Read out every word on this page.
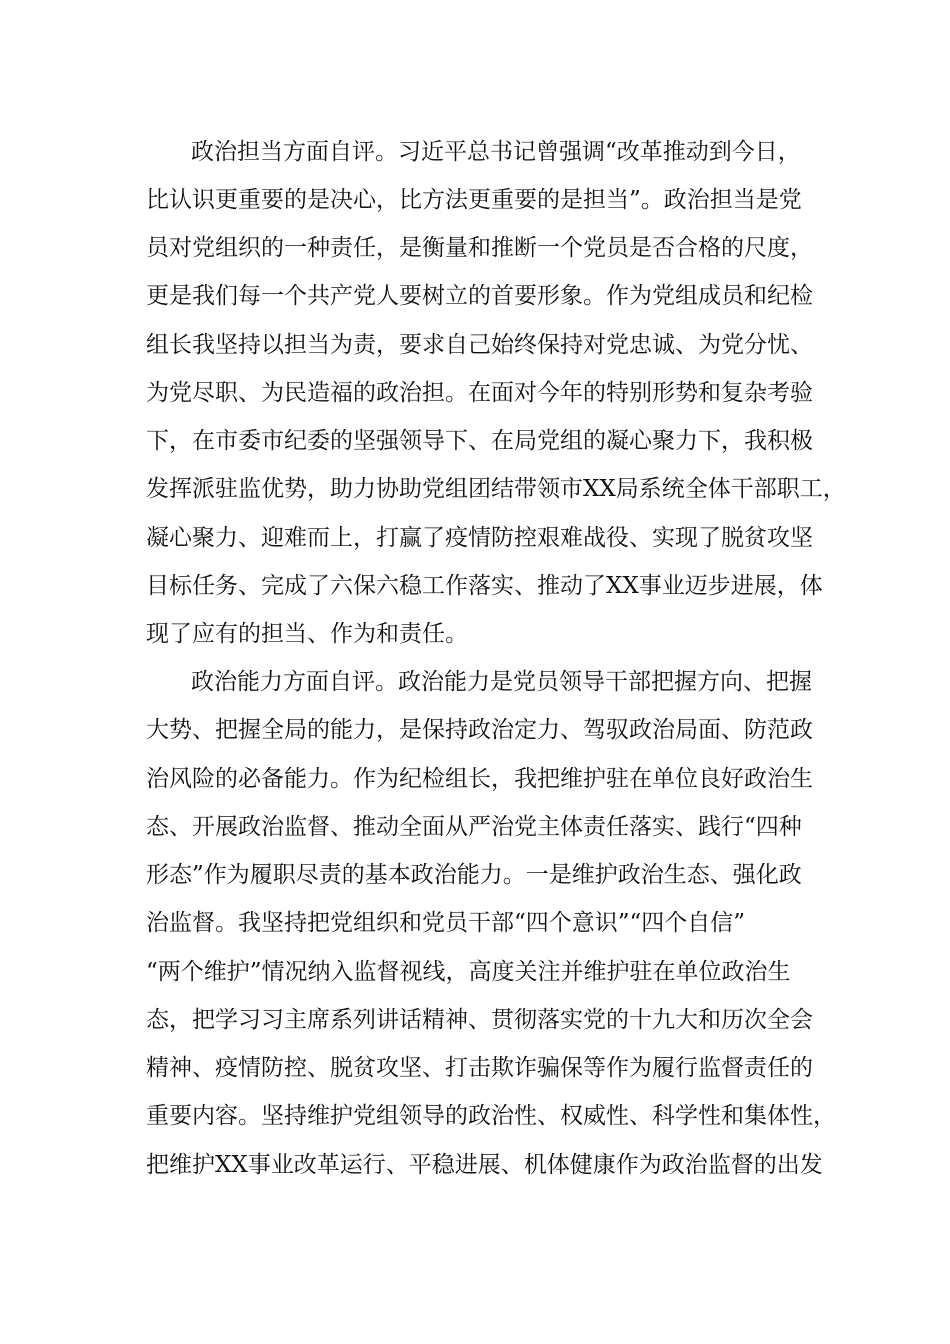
政治担当方面自评。习近平总书记曾强调“改革推动到今日，
比认识更重要的是决心，比方法更重要的是担当”。政治担当是党
员对党组织的一种责任，是衡量和推断一个党员是否合格的尺度，
更是我们每一个共产党人要树立的首要形象。作为党组成员和纪检
组长我坚持以担当为责，要求自己始终保持对党忠诚、为党分忧、
为党尽职、为民造福的政治担。在面对今年的特别形势和复杂考验
下，在市委市纪委的坚强领导下、在局党组的凝心聚力下，我积极
发挥派驻监优势，助力协助党组团结带领市XX局系统全体干部职工，
凝心聚力、迎难而上，打赢了疫情防控艰难战役、实现了脱贫攻坚
目标任务、完成了六保六稳工作落实、推动了XX事业迈步进展，体
现了应有的担当、作为和责任。
政治能力方面自评。政治能力是党员领导干部把握方向、把握
大势、把握全局的能力，是保持政治定力、驾驭政治局面、防范政
治风险的必备能力。作为纪检组长，我把维护驻在单位良好政治生
态、开展政治监督、推动全面从严治党主体责任落实、践行“四种
形态”作为履职尽责的基本政治能力。一是维护政治生态、强化政
治监督。我坚持把党组织和党员干部“四个意识”“四个自信”
“两个维护”情况纳入监督视线，高度关注并维护驻在单位政治生
态，把学习习主席系列讲话精神、贯彻落实党的十九大和历次全会
精神、疫情防控、脱贫攻坚、打击欺诈骗保等作为履行监督责任的
重要内容。坚持维护党组领导的政治性、权威性、科学性和集体性，
把维护XX事业改革运行、平稳进展、机体健康作为政治监督的出发
